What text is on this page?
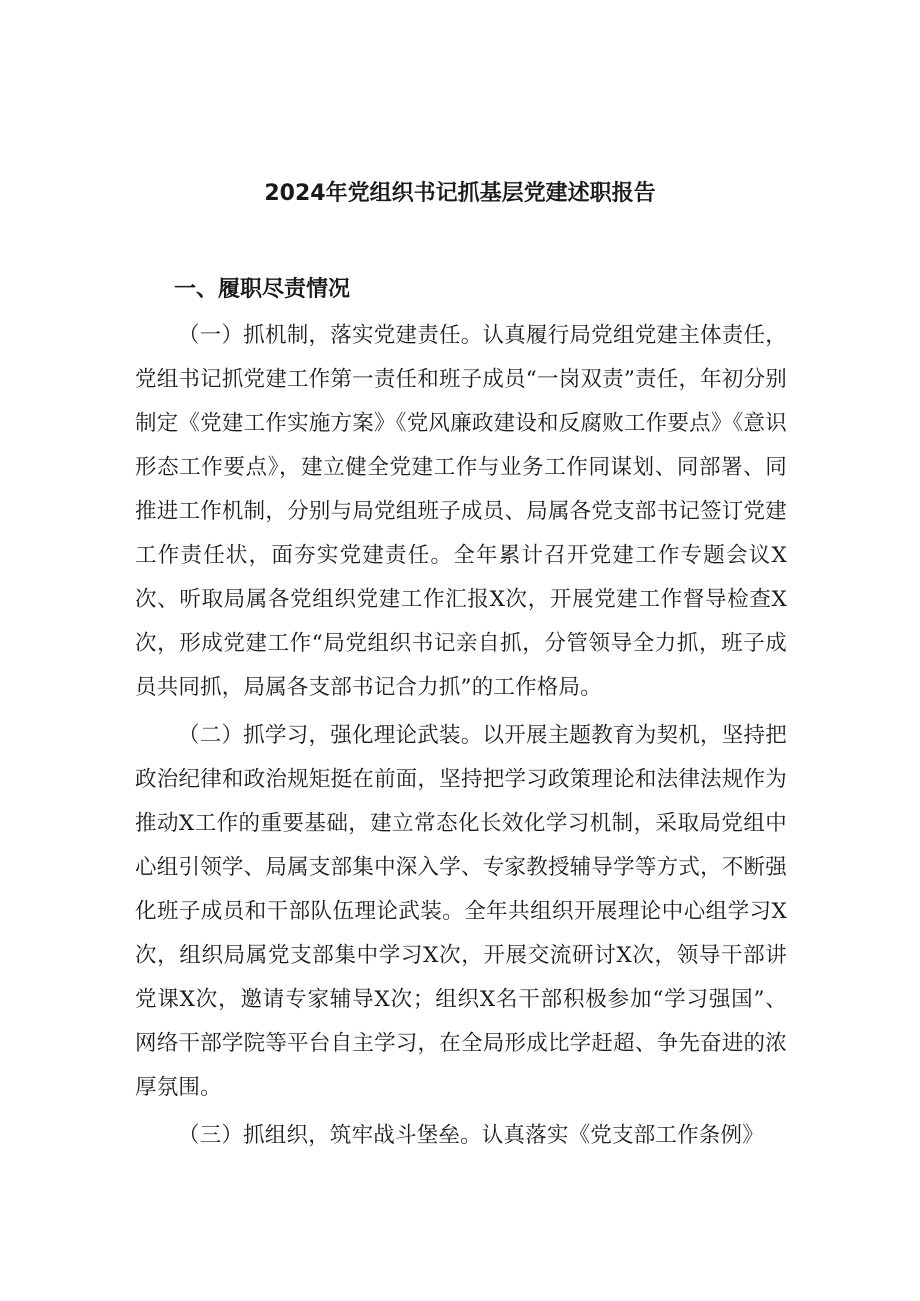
2024年党组织书记抓基层党建述职报告
一、履职尽责情况

（一）抓机制，落实党建责任。认真履行局党组党建主体责任，党组书记抓党建工作第一责任和班子成员“一岗双责”责任，年初分别制定《党建工作实施方案》《党风廉政建设和反腐败工作要点》《意识形态工作要点》，建立健全党建工作与业务工作同谋划、同部署、同推进工作机制，分别与局党组班子成员、局属各党支部书记签订党建工作责任状，面夯实党建责任。全年累计召开党建工作专题会议X次、听取局属各党组织党建工作汇报X次，开展党建工作督导检查X次，形成党建工作“局党组织书记亲自抓，分管领导全力抓，班子成员共同抓，局属各支部书记合力抓”的工作格局。

（二）抓学习，强化理论武装。以开展主题教育为契机，坚持把政治纪律和政治规矩挺在前面，坚持把学习政策理论和法律法规作为推动X工作的重要基础，建立常态化长效化学习机制，采取局党组中心组引领学、局属支部集中深入学、专家教授辅导学等方式，不断强化班子成员和干部队伍理论武装。全年共组织开展理论中心组学习X次，组织局属党支部集中学习X次，开展交流研讨X次，领导干部讲党课X次，邀请专家辅导X次；组织X名干部积极参加“学习强国”、网络干部学院等平台自主学习，在全局形成比学赶超、争先奋进的浓厚氛围。

（三）抓组织，筑牢战斗堡垒。认真落实《党支部工作条例》
